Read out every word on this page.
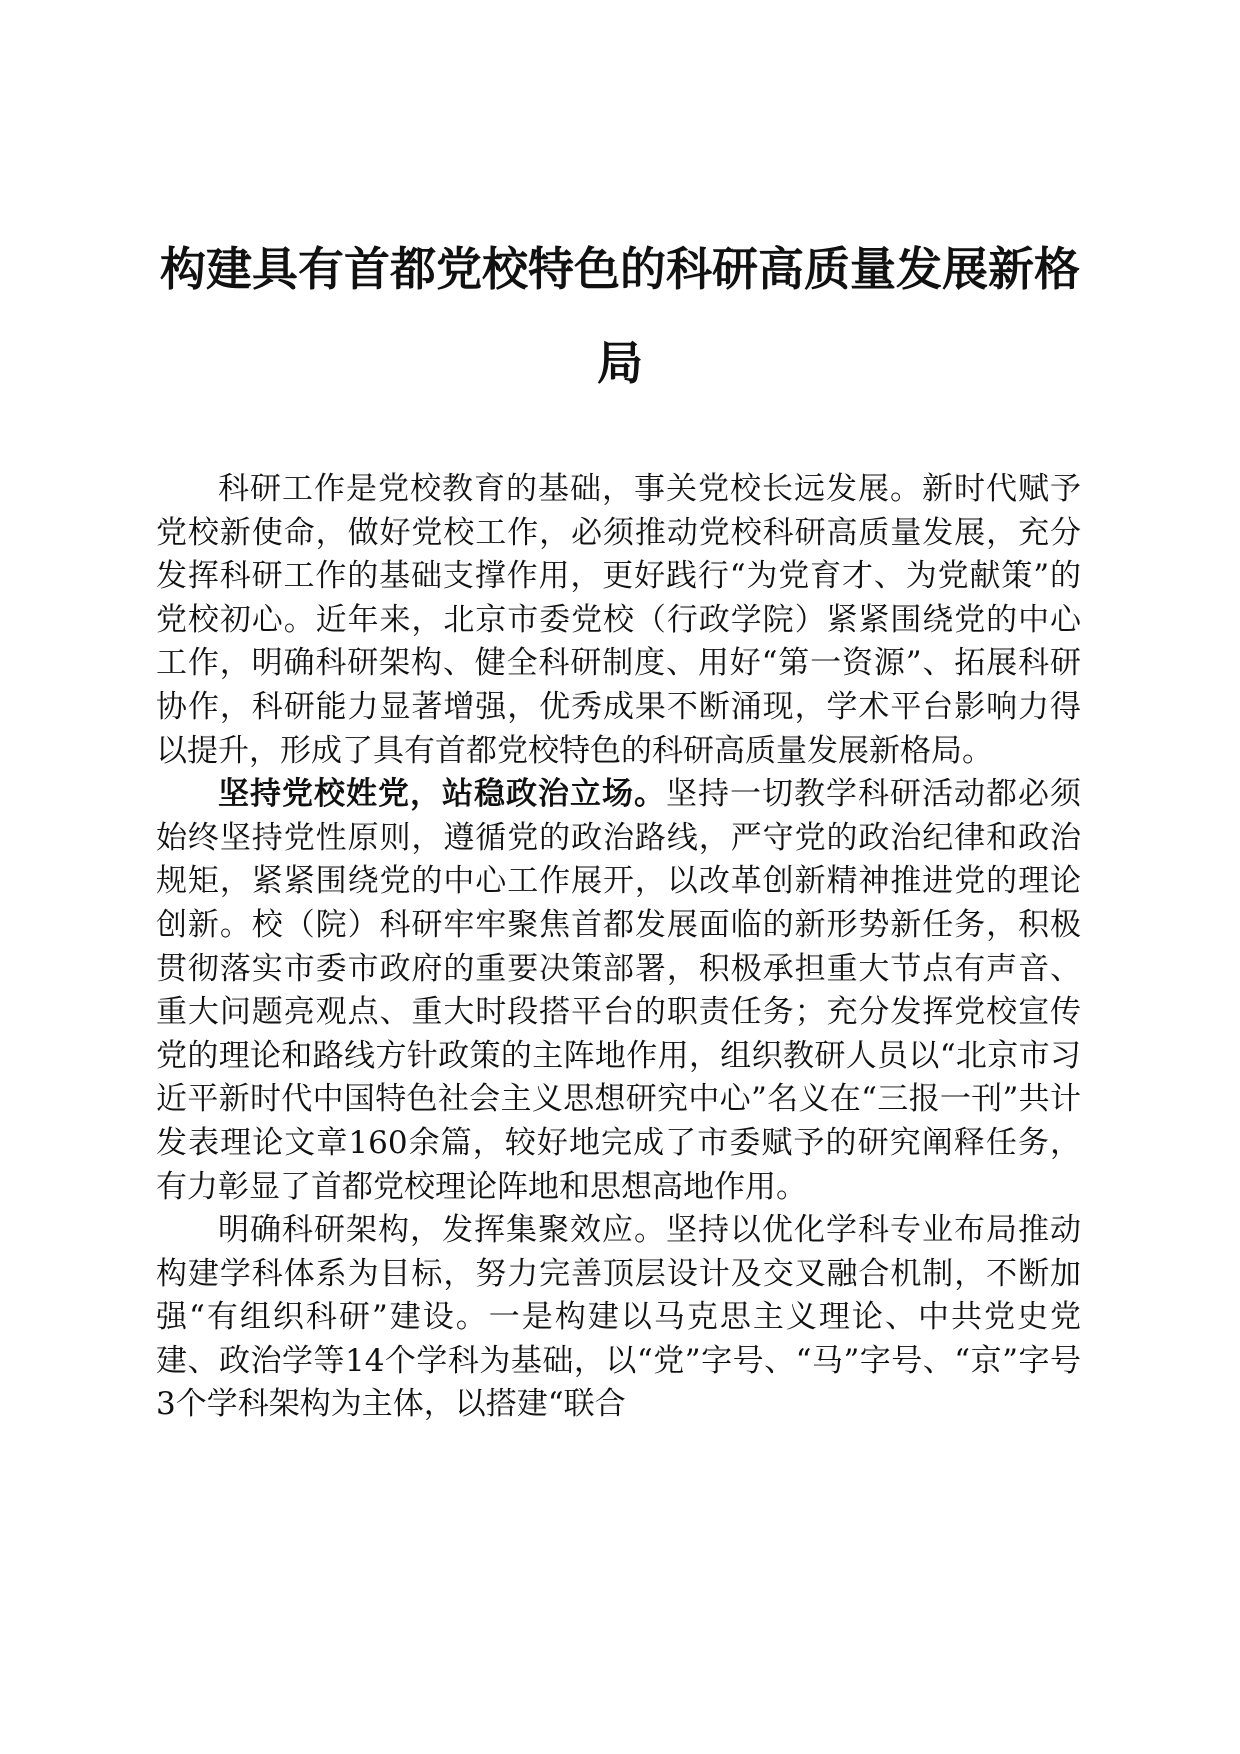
构建具有首都党校特色的科研高质量发展新格局

科研工作是党校教育的基础，事关党校长远发展。新时代赋予党校新使命，做好党校工作，必须推动党校科研高质量发展，充分发挥科研工作的基础支撑作用，更好践行“为党育才、为党献策”的党校初心。近年来，北京市委党校（行政学院）紧紧围绕党的中心工作，明确科研架构、健全科研制度、用好“第一资源”、拓展科研协作，科研能力显著增强，优秀成果不断涌现，学术平台影响力得以提升，形成了具有首都党校特色的科研高质量发展新格局。

坚持党校姓党，站稳政治立场。坚持一切教学科研活动都必须始终坚持党性原则，遵循党的政治路线，严守党的政治纪律和政治规矩，紧紧围绕党的中心工作展开，以改革创新精神推进党的理论创新。校（院）科研牢牢聚焦首都发展面临的新形势新任务，积极贯彻落实市委市政府的重要决策部署，积极承担重大节点有声音、重大问题亮观点、重大时段搭平台的职责任务；充分发挥党校宣传党的理论和路线方针政策的主阵地作用，组织教研人员以“北京市习近平新时代中国特色社会主义思想研究中心”名义在“三报一刊”共计发表理论文章160余篇，较好地完成了市委赋予的研究阐释任务，有力彰显了首都党校理论阵地和思想高地作用。

明确科研架构，发挥集聚效应。坚持以优化学科专业布局推动构建学科体系为目标，努力完善顶层设计及交叉融合机制，不断加强“有组织科研”建设。一是构建以马克思主义理论、中共党史党建、政治学等14个学科为基础，以“党”字号、“马”字号、“京”字号3个学科架构为主体，以搭建“联合
